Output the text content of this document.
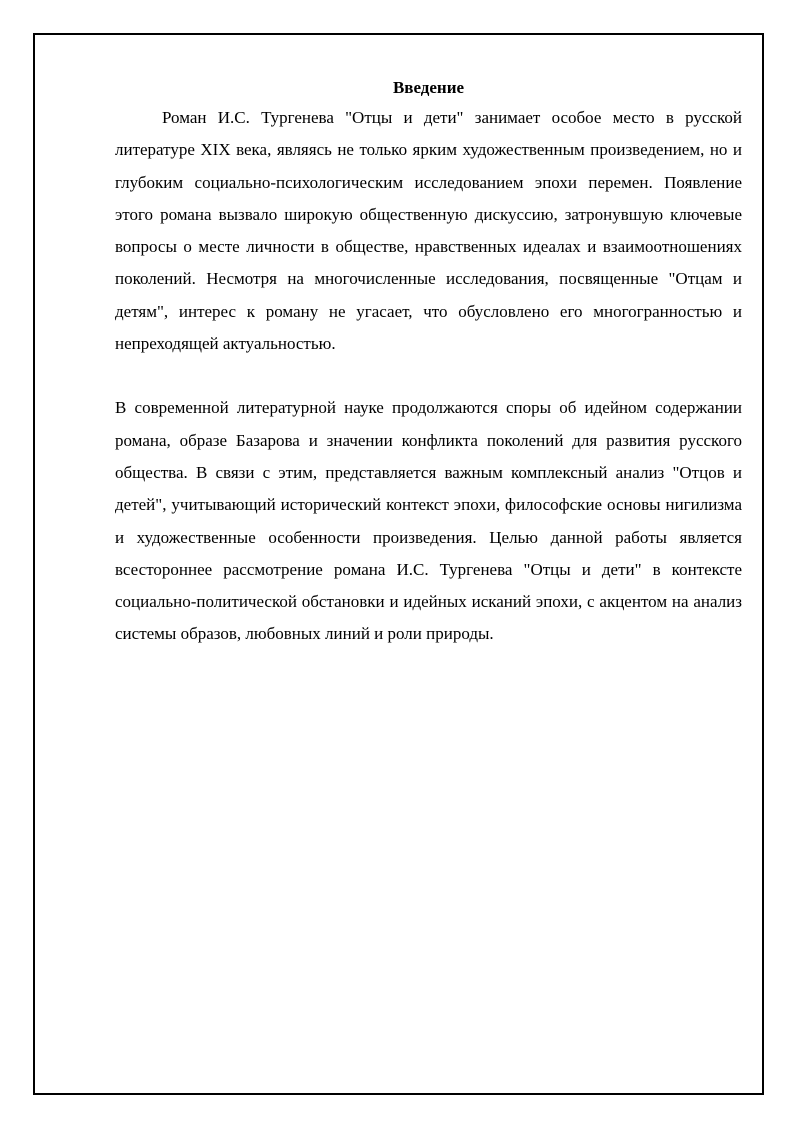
Введение

Роман И.С. Тургенева "Отцы и дети" занимает особое место в русской литературе XIX века, являясь не только ярким художественным произведением, но и глубоким социально-психологическим исследованием эпохи перемен. Появление этого романа вызвало широкую общественную дискуссию, затронувшую ключевые вопросы о месте личности в обществе, нравственных идеалах и взаимоотношениях поколений. Несмотря на многочисленные исследования, посвященные "Отцам и детям", интерес к роману не угасает, что обусловлено его многогранностью и непреходящей актуальностью.

В современной литературной науке продолжаются споры об идейном содержании романа, образе Базарова и значении конфликта поколений для развития русского общества. В связи с этим, представляется важным комплексный анализ "Отцов и детей", учитывающий исторический контекст эпохи, философские основы нигилизма и художественные особенности произведения. Целью данной работы является всестороннее рассмотрение романа И.С. Тургенева "Отцы и дети" в контексте социально-политической обстановки и идейных исканий эпохи, с акцентом на анализ системы образов, любовных линий и роли природы.
